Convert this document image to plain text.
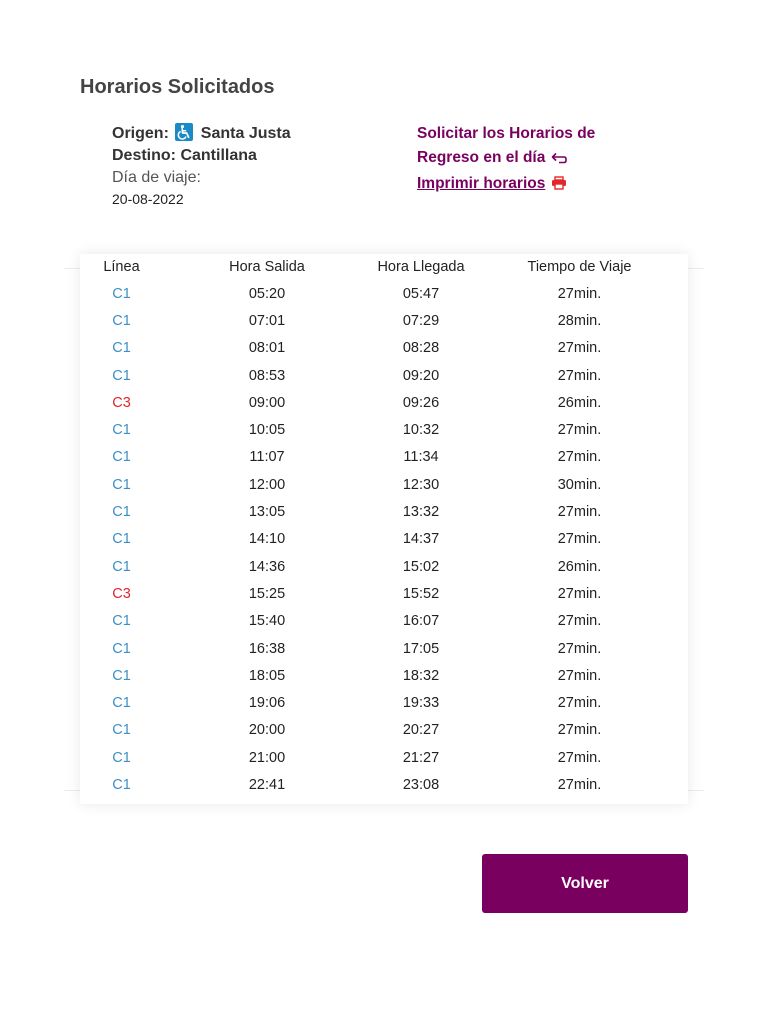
Horarios Solicitados
Origen: Santa Justa
Destino: Cantillana
Día de viaje:
20-08-2022
Solicitar los Horarios de Regreso en el día
Imprimir horarios
Línea	Hora Salida	Hora Llegada	Tiempo de Viaje
C1	05:20	05:47	27min.
C1	07:01	07:29	28min.
C1	08:01	08:28	27min.
C1	08:53	09:20	27min.
C3	09:00	09:26	26min.
C1	10:05	10:32	27min.
C1	11:07	11:34	27min.
C1	12:00	12:30	30min.
C1	13:05	13:32	27min.
C1	14:10	14:37	27min.
C1	14:36	15:02	26min.
C3	15:25	15:52	27min.
C1	15:40	16:07	27min.
C1	16:38	17:05	27min.
C1	18:05	18:32	27min.
C1	19:06	19:33	27min.
C1	20:00	20:27	27min.
C1	21:00	21:27	27min.
C1	22:41	23:08	27min.
Volver
